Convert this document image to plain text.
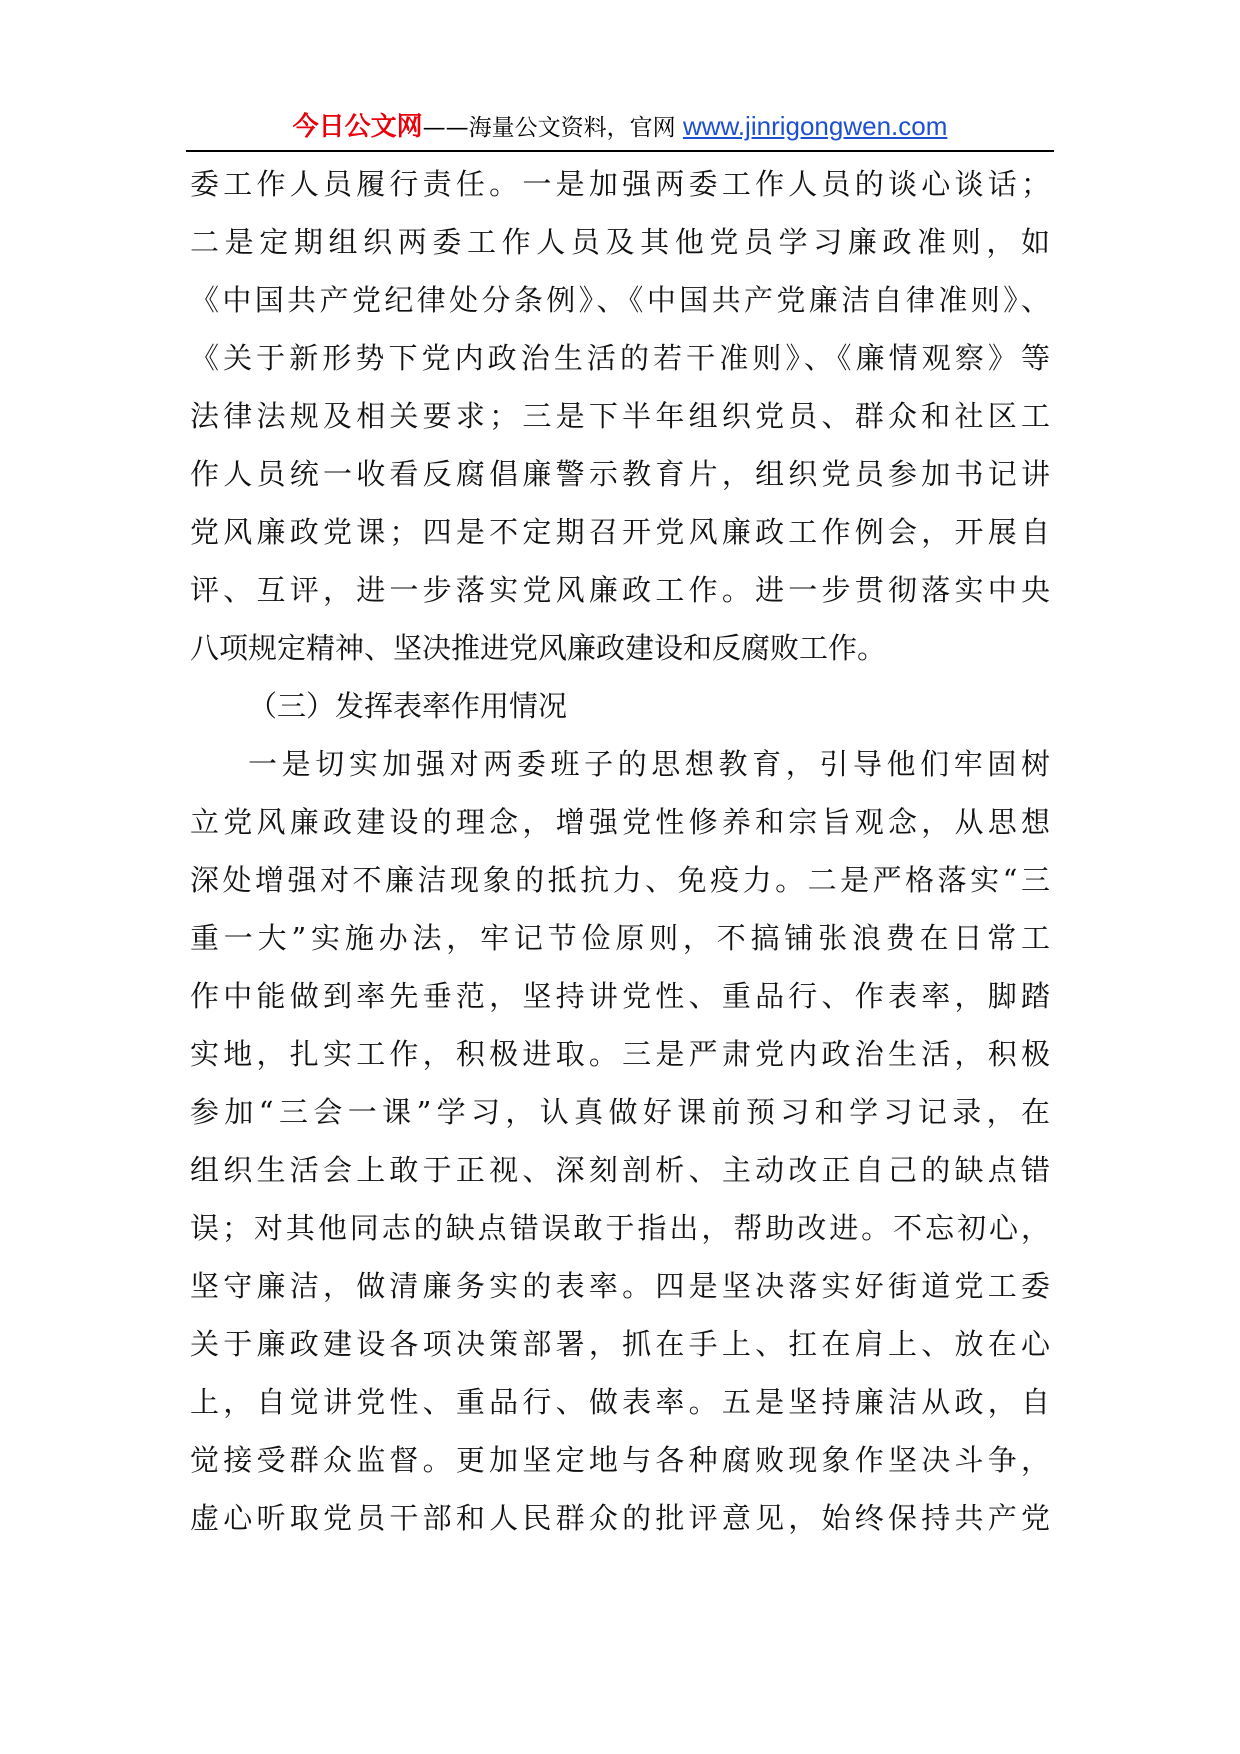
今日公文网——海量公文资料，官网 www.jinrigongwen.com
委工作人员履行责任。一是加强两委工作人员的谈心谈话；
二是定期组织两委工作人员及其他党员学习廉政准则，如
《中国共产党纪律处分条例》、《中国共产党廉洁自律准则》、
《关于新形势下党内政治生活的若干准则》、《廉情观察》等
法律法规及相关要求；三是下半年组织党员、群众和社区工
作人员统一收看反腐倡廉警示教育片，组织党员参加书记讲
党风廉政党课；四是不定期召开党风廉政工作例会，开展自
评、互评，进一步落实党风廉政工作。进一步贯彻落实中央
八项规定精神、坚决推进党风廉政建设和反腐败工作。
（三）发挥表率作用情况
一是切实加强对两委班子的思想教育，引导他们牢固树
立党风廉政建设的理念，增强党性修养和宗旨观念，从思想
深处增强对不廉洁现象的抵抗力、免疫力。二是严格落实“三
重一大”实施办法，牢记节俭原则，不搞铺张浪费在日常工
作中能做到率先垂范，坚持讲党性、重品行、作表率，脚踏
实地，扎实工作，积极进取。三是严肃党内政治生活，积极
参加“三会一课”学习，认真做好课前预习和学习记录，在
组织生活会上敢于正视、深刻剖析、主动改正自己的缺点错
误；对其他同志的缺点错误敢于指出，帮助改进。不忘初心，
坚守廉洁，做清廉务实的表率。四是坚决落实好街道党工委
关于廉政建设各项决策部署，抓在手上、扛在肩上、放在心
上，自觉讲党性、重品行、做表率。五是坚持廉洁从政，自
觉接受群众监督。更加坚定地与各种腐败现象作坚决斗争，
虚心听取党员干部和人民群众的批评意见，始终保持共产党
